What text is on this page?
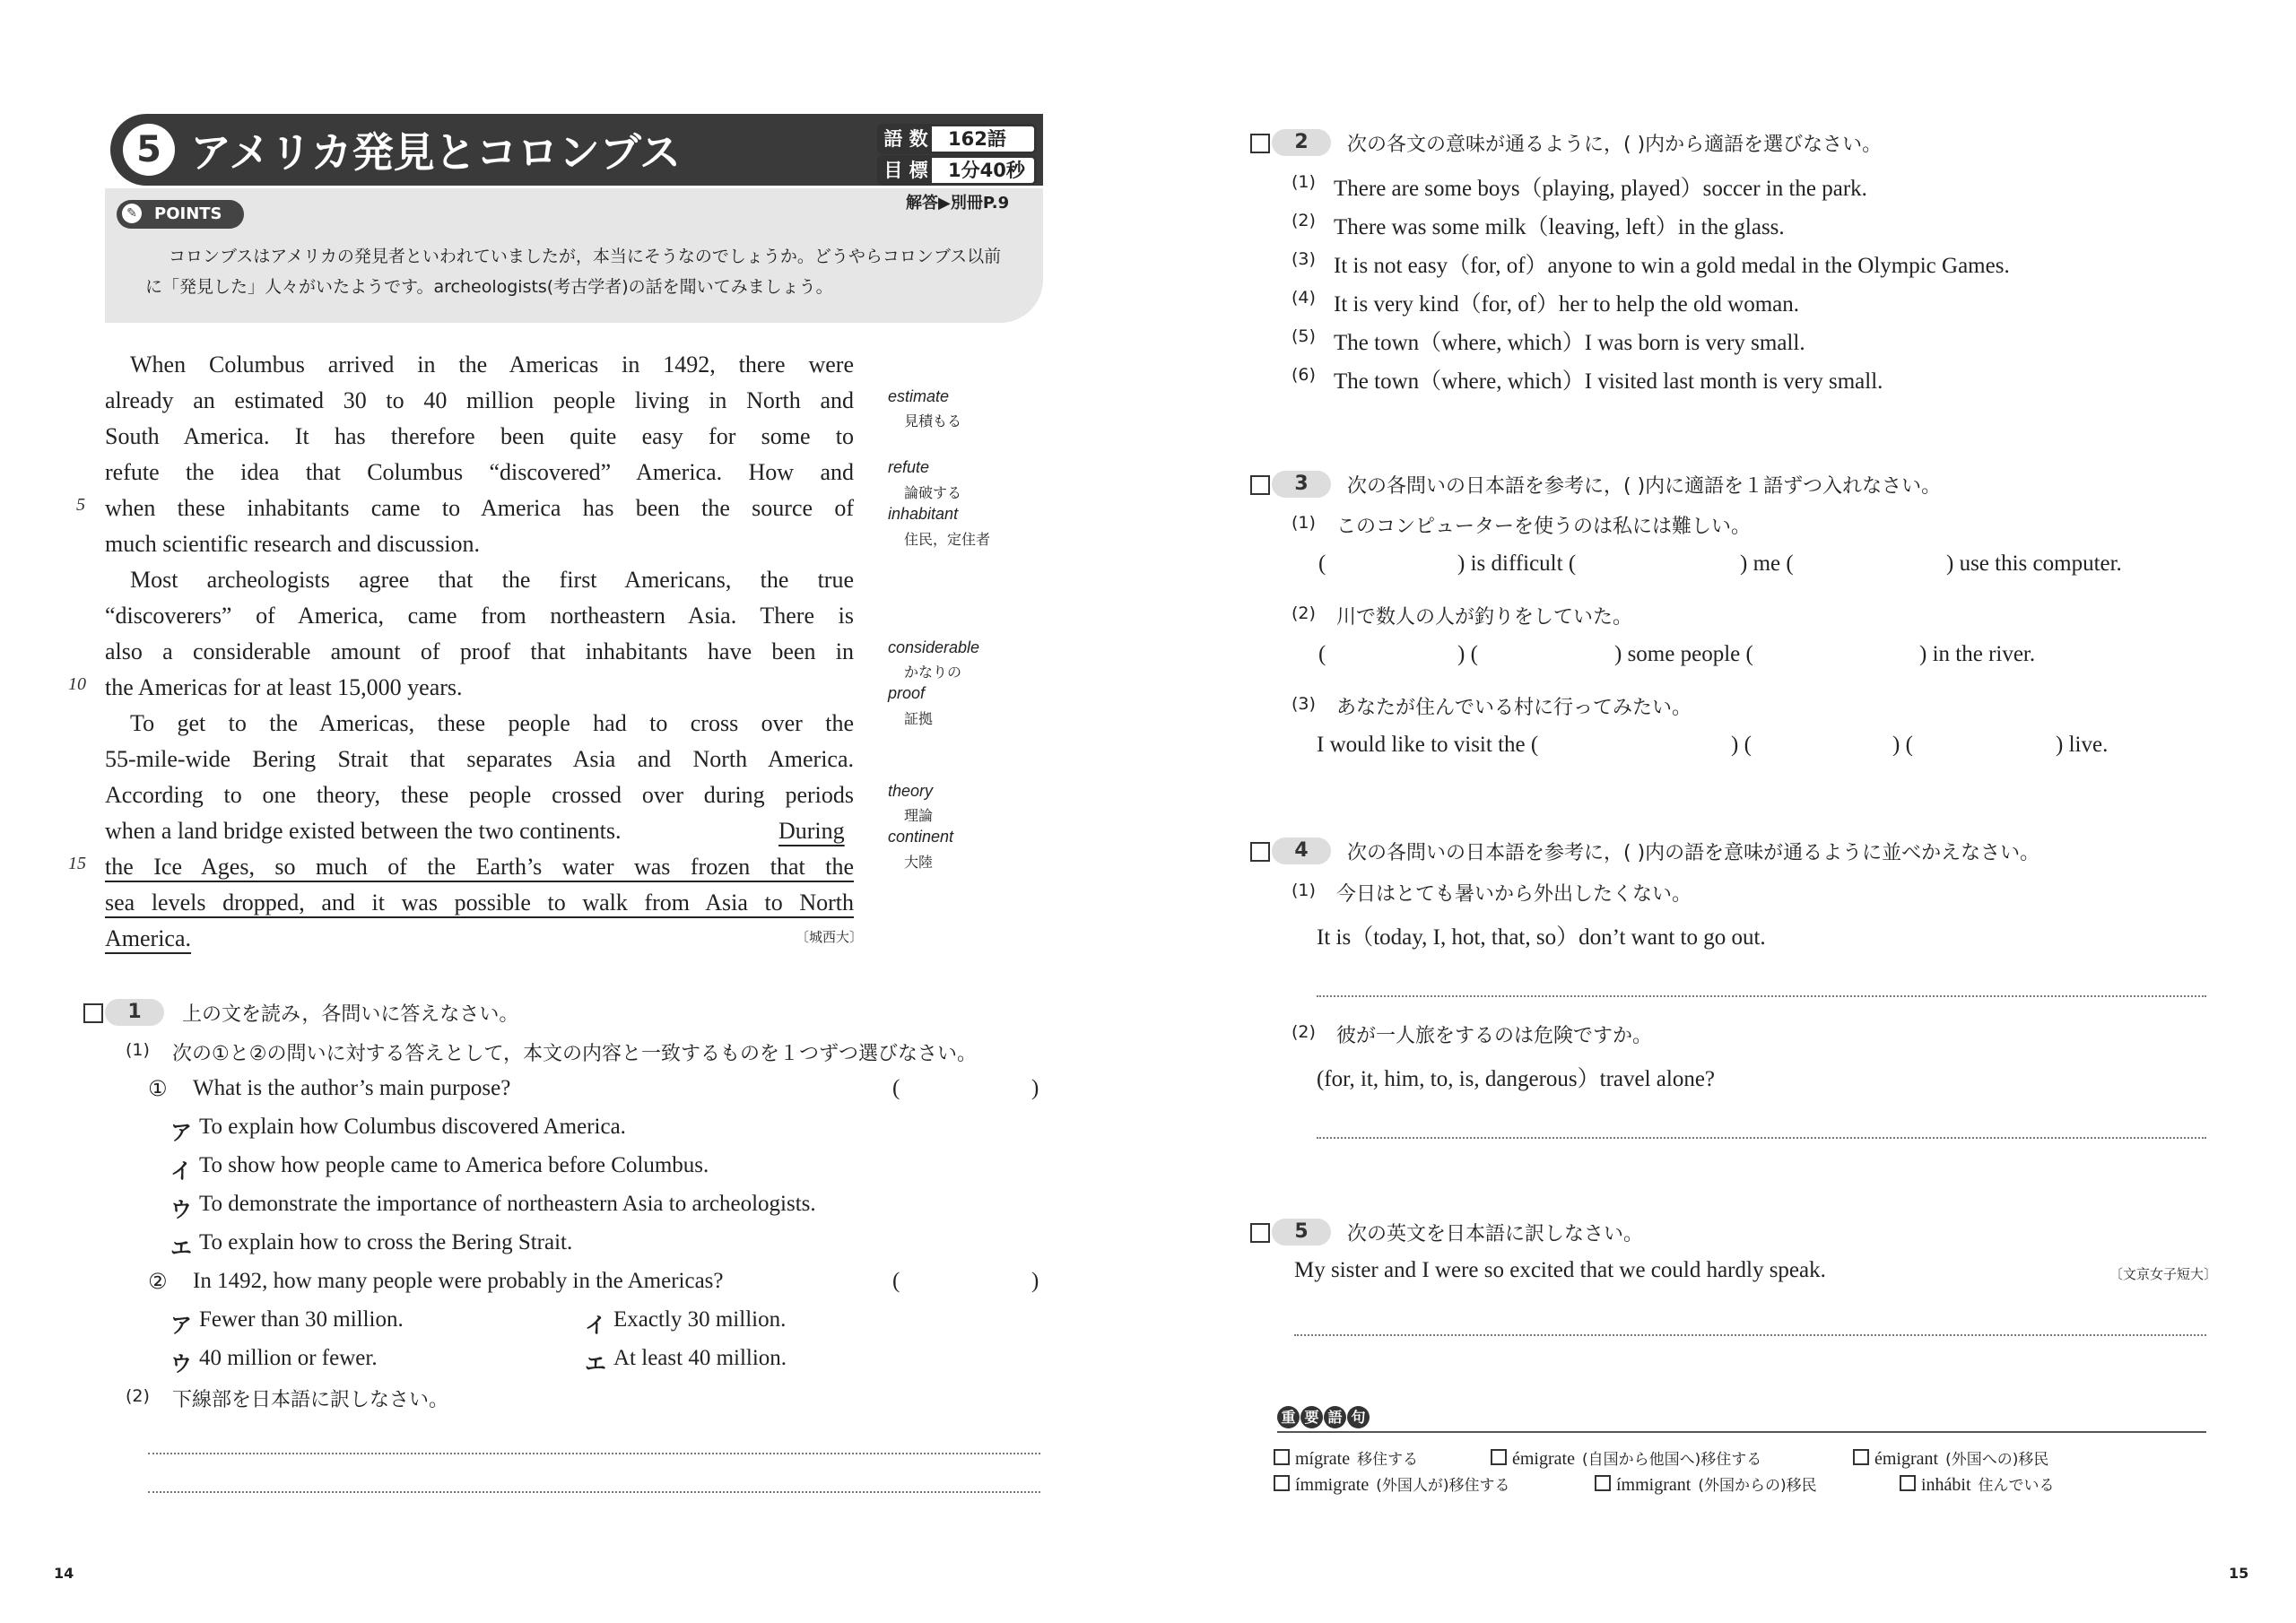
5 アメリカ発見とコロンブス	語 数 162語
目 標 1分40秒
解答▶別冊P.9
✎ POINTS
コロンブスはアメリカの発見者といわれていましたが，本当にそうなのでしょうか。どうやらコロンブス以前
に「発見した」人々がいたようです。archeologists(考古学者)の話を聞いてみましょう。
When Columbus arrived in the Americas in 1492, there were
already an estimated 30 to 40 million people living in North and
South America. It has therefore been quite easy for some to
refute the idea that Columbus “discovered” America. How and
when these inhabitants came to America has been the source of
much scientific research and discussion.
Most archeologists agree that the first Americans, the true
“discoverers” of America, came from northeastern Asia. There is
also a considerable amount of proof that inhabitants have been in
the Americas for at least 15,000 years.
To get to the Americas, these people had to cross over the
55-mile-wide Bering Strait that separates Asia and North America.
According to one theory, these people crossed over during periods
when a land bridge existed between the two continents.	During
the Ice Ages, so much of the Earth’s water was frozen that the
sea levels dropped, and it was possible to walk from Asia to North
America.
5
10
15
〔城西大〕
estimate
見積もる
refute
論破する
inhabitant
住民，定住者
considerable
かなりの
proof
証拠
theory
理論
continent
大陸
1	上の文を読み，各問いに答えなさい。
(1) 次の①と②の問いに対する答えとして，本文の内容と一致するものを１つずつ選びなさい。
① What is the author’s main purpose?	(	)
ア To explain how Columbus discovered America.
イ To show how people came to America before Columbus.
ウ To demonstrate the importance of northeastern Asia to archeologists.
エ To explain how to cross the Bering Strait.
② In 1492, how many people were probably in the Americas?	(	)
ア Fewer than 30 million.	イ Exactly 30 million.
ウ 40 million or fewer.	エ At least 40 million.
(2) 下線部を日本語に訳しなさい。
14
2	次の各文の意味が通るように，( )内から適語を選びなさい。
(1) There are some boys（playing, played）soccer in the park.
(2) There was some milk（leaving, left）in the glass.
(3) It is not easy（for, of）anyone to win a gold medal in the Olympic Games.
(4) It is very kind（for, of）her to help the old woman.
(5) The town（where, which）I was born is very small.
(6) The town（where, which）I visited last month is very small.
3	次の各問いの日本語を参考に，( )内に適語を１語ずつ入れなさい。
(1) このコンピューターを使うのは私には難しい。
(	) is difficult (	) me (	) use this computer.
(2) 川で数人の人が釣りをしていた。
(	) (	) some people (	) in the river.
(3) あなたが住んでいる村に行ってみたい。
I would like to visit the (	) (	) (	) live.
4	次の各問いの日本語を参考に，( )内の語を意味が通るように並べかえなさい。
(1) 今日はとても暑いから外出したくない。
It is（today, I, hot, that, so）don’t want to go out.
(2) 彼が一人旅をするのは危険ですか。
(for, it, him, to, is, dangerous）travel alone?
5	次の英文を日本語に訳しなさい。
My sister and I were so excited that we could hardly speak.	〔文京女子短大〕
重 要 語 句
mígrate 移住する	émigrate (自国から他国へ)移住する	émigrant (外国への)移民
ímmigrate (外国人が)移住する	ímmigrant (外国からの)移民	inhábit 住んでいる
15
